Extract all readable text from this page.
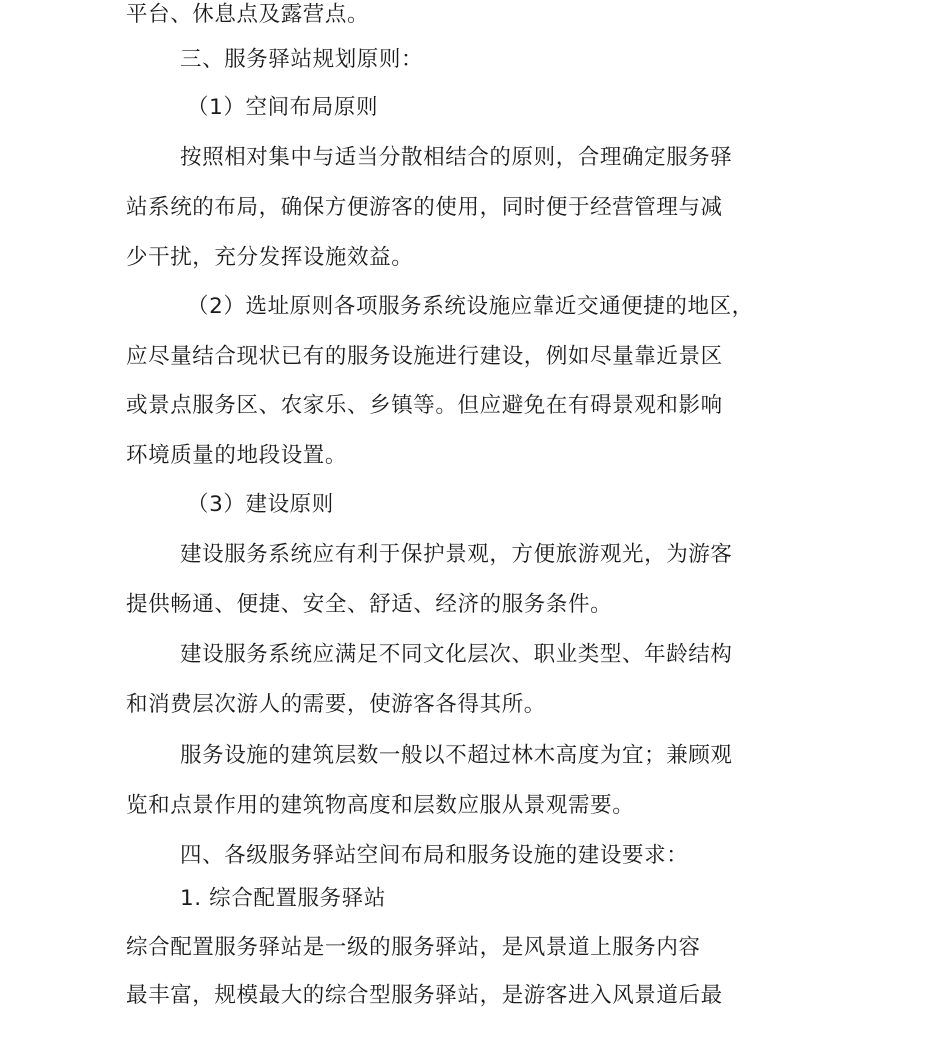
平台、休息点及露营点。
三、服务驿站规划原则：
（1）空间布局原则
按照相对集中与适当分散相结合的原则，合理确定服务驿
站系统的布局，确保方便游客的使用，同时便于经营管理与减
少干扰，充分发挥设施效益。
（2）选址原则各项服务系统设施应靠近交通便捷的地区，
应尽量结合现状已有的服务设施进行建设，例如尽量靠近景区
或景点服务区、农家乐、乡镇等。但应避免在有碍景观和影响
环境质量的地段设置。
（3）建设原则
建设服务系统应有利于保护景观，方便旅游观光，为游客
提供畅通、便捷、安全、舒适、经济的服务条件。
建设服务系统应满足不同文化层次、职业类型、年龄结构
和消费层次游人的需要，使游客各得其所。
服务设施的建筑层数一般以不超过林木高度为宜；兼顾观
览和点景作用的建筑物高度和层数应服从景观需要。
四、各级服务驿站空间布局和服务设施的建设要求：
1. 综合配置服务驿站
综合配置服务驿站是一级的服务驿站，是风景道上服务内容
最丰富，规模最大的综合型服务驿站，是游客进入风景道后最
